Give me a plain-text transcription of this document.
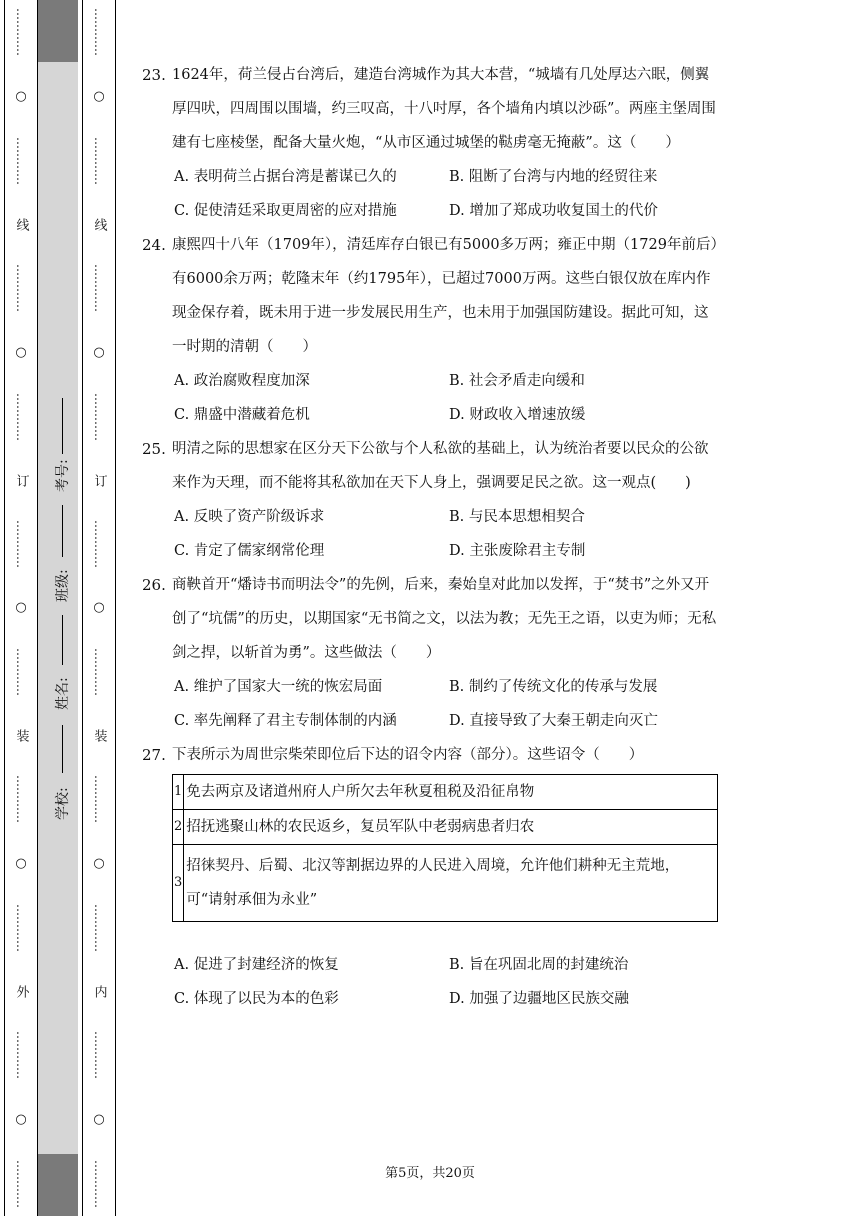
…………
○
…………
线
…………
○
…………
订
…………
○
…………
装
…………
○
…………
外
…………
○
…………
学校:
姓名:
班级:
考号:
…………
○
…………
线
…………
○
…………
订
…………
○
…………
装
…………
○
…………
内
…………
○
…………
23. 1624年，荷兰侵占台湾后，建造台湾城作为其大本营，“城墙有几处厚达六眠，侧翼厚四吠，四周围以围墙，约三叹高，十八吋厚，各个墙角内填以沙砾”。两座主堡周围建有七座棱堡，配备大量火炮，“从市区通过城堡的鞑虏毫无掩蔽”。这（　　）
A. 表明荷兰占据台湾是蓄谋已久的	B. 阻断了台湾与内地的经贸往来
C. 促使清廷采取更周密的应对措施	D. 增加了郑成功收复国土的代价
24. 康熙四十八年（1709年），清廷库存白银已有5000多万两；雍正中期（1729年前后）有6000余万两；乾隆末年（约1795年），已超过7000万两。这些白银仅放在库内作现金保存着，既未用于进一步发展民用生产，也未用于加强国防建设。据此可知，这一时期的清朝（　　）
A. 政治腐败程度加深	B. 社会矛盾走向缓和
C. 鼎盛中潜藏着危机	D. 财政收入增速放缓
25. 明清之际的思想家在区分天下公欲与个人私欲的基础上，认为统治者要以民众的公欲来作为天理，而不能将其私欲加在天下人身上，强调要足民之欲。这一观点(　　)
A. 反映了资产阶级诉求	B. 与民本思想相契合
C. 肯定了儒家纲常伦理	D. 主张废除君主专制
26. 商鞅首开“燔诗书而明法令”的先例，后来，秦始皇对此加以发挥，于“焚书”之外又开创了“坑儒”的历史，以期国家“无书简之文，以法为教；无先王之语，以吏为师；无私剑之捍，以斩首为勇”。这些做法（　　）
A. 维护了国家大一统的恢宏局面	B. 制约了传统文化的传承与发展
C. 率先阐释了君主专制体制的内涵	D. 直接导致了大秦王朝走向灭亡
27. 下表所示为周世宗柴荣即位后下达的诏令内容（部分）。这些诏令（　　）
1	免去两京及诸道州府人户所欠去年秋夏租税及沿征帛物
2	招抚逃聚山林的农民返乡，复员军队中老弱病患者归农
3	招徕契丹、后蜀、北汉等割据边界的人民进入周境，允许他们耕种无主荒地，可“请射承佃为永业”
A. 促进了封建经济的恢复	B. 旨在巩固北周的封建统治
C. 体现了以民为本的色彩	D. 加强了边疆地区民族交融
第5页，共20页
